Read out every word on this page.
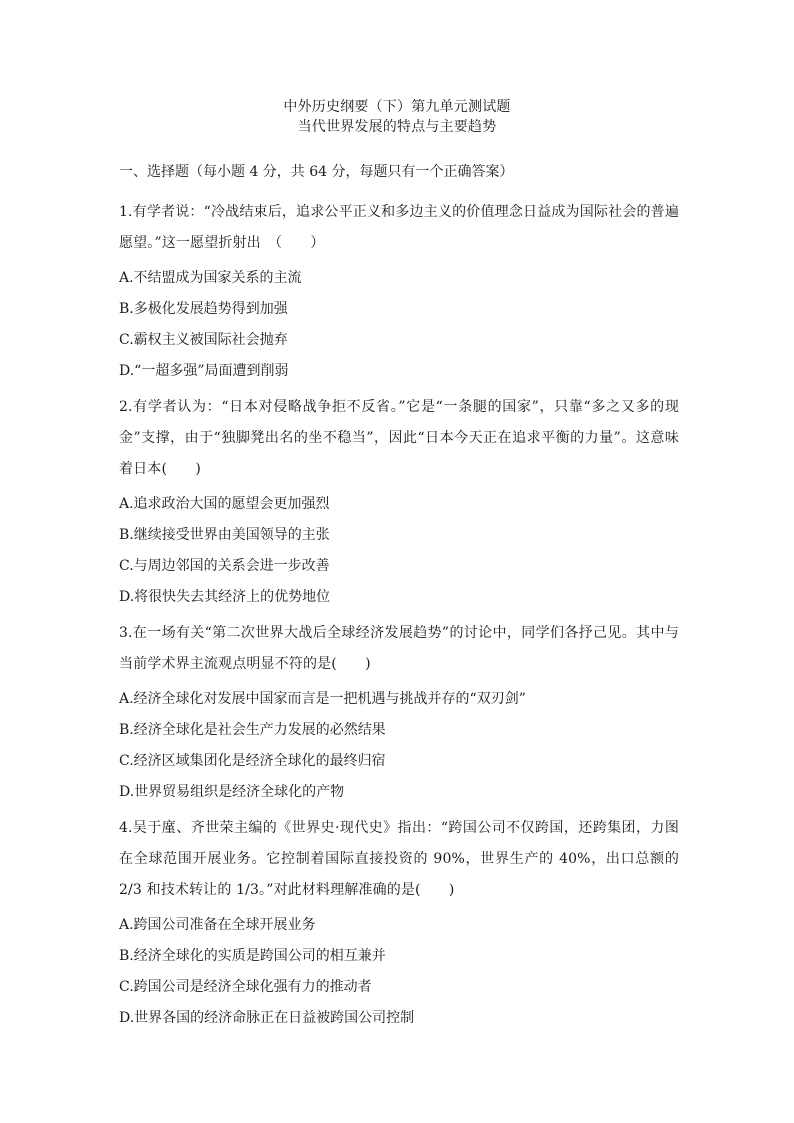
中外历史纲要（下）第九单元测试题
当代世界发展的特点与主要趋势

一、选择题（每小题 4 分，共 64 分，每题只有一个正确答案）

1.有学者说：“冷战结束后，追求公平正义和多边主义的价值理念日益成为国际社会的普遍愿望。”这一愿望折射出　（　　）

A.不结盟成为国家关系的主流

B.多极化发展趋势得到加强

C.霸权主义被国际社会抛弃

D.“一超多强”局面遭到削弱

2.有学者认为：“日本对侵略战争拒不反省。”它是“一条腿的国家”，只靠“多之又多的现金”支撑，由于“独脚凳出名的坐不稳当”，因此“日本今天正在追求平衡的力量”。这意味着日本(　　)

A.追求政治大国的愿望会更加强烈

B.继续接受世界由美国领导的主张

C.与周边邻国的关系会进一步改善

D.将很快失去其经济上的优势地位

3.在一场有关“第二次世界大战后全球经济发展趋势”的讨论中，同学们各抒己见。其中与当前学术界主流观点明显不符的是(　　)

A.经济全球化对发展中国家而言是一把机遇与挑战并存的“双刃剑”

B.经济全球化是社会生产力发展的必然结果

C.经济区域集团化是经济全球化的最终归宿

D.世界贸易组织是经济全球化的产物

4.吴于廑、齐世荣主编的《世界史·现代史》指出：“跨国公司不仅跨国，还跨集团，力图在全球范围开展业务。它控制着国际直接投资的 90%，世界生产的 40%，出口总额的 2/3 和技术转让的 1/3。”对此材料理解准确的是(　　)

A.跨国公司准备在全球开展业务

B.经济全球化的实质是跨国公司的相互兼并

C.跨国公司是经济全球化强有力的推动者

D.世界各国的经济命脉正在日益被跨国公司控制
